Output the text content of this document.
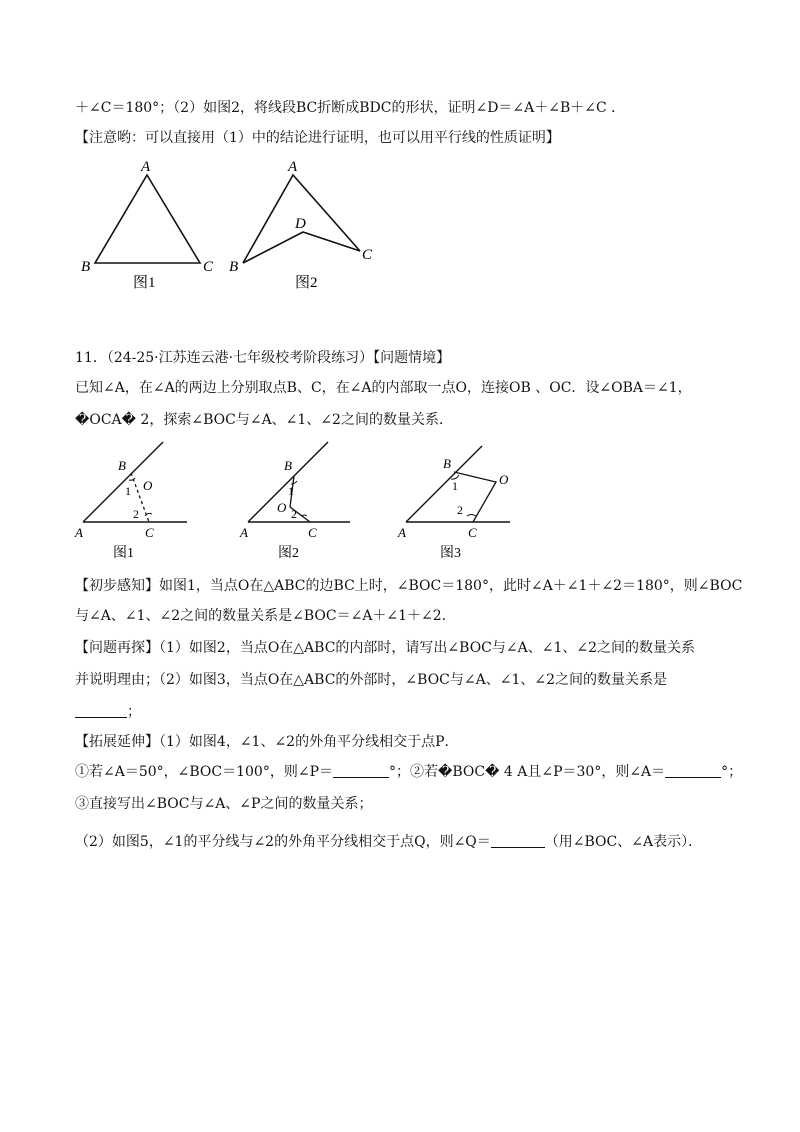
＋∠C＝180°；（2）如图2，将线段BC折断成BDC的形状，证明∠D＝∠A＋∠B＋∠C ．
【注意哟：可以直接用（1）中的结论进行证明，也可以用平行线的性质证明】
A
B	C
图1
A
D
B
C
图2
11．（24-25·江苏连云港·七年级校考阶段练习）【问题情境】
已知∠A，在∠A的两边上分别取点B、C，在∠A的内部取一点O，连接OB 、OC．设∠OBA＝∠1，
�OCA� 2，探索∠BOC与∠A、∠1、∠2之间的数量关系．
B
1 O
2
A	C
图1
B
1
O 2
A	C
图2
B
1	O
2
A	C
图3
【初步感知】如图1，当点O在△ABC的边BC上时，∠BOC＝180°，此时∠A＋∠1＋∠2＝180°，则∠BOC
与∠A、∠1、∠2之间的数量关系是∠BOC＝∠A＋∠1＋∠2．
【问题再探】（1）如图2，当点O在△ABC的内部时，请写出∠BOC与∠A、∠1、∠2之间的数量关系
并说明理由；（2）如图3，当点O在△ABC的外部时，∠BOC与∠A、∠1、∠2之间的数量关系是
；
【拓展延伸】（1）如图4，∠1、∠2的外角平分线相交于点P．
①若∠A＝50°，∠BOC＝100°，则∠P＝	°；②若�BOC� 4 A且∠P＝30°，则∠A＝	°；
③直接写出∠BOC与∠A、∠P之间的数量关系；
（2）如图5，∠1的平分线与∠2的外角平分线相交于点Q，则∠Q＝	（用∠BOC、∠A表示）．
